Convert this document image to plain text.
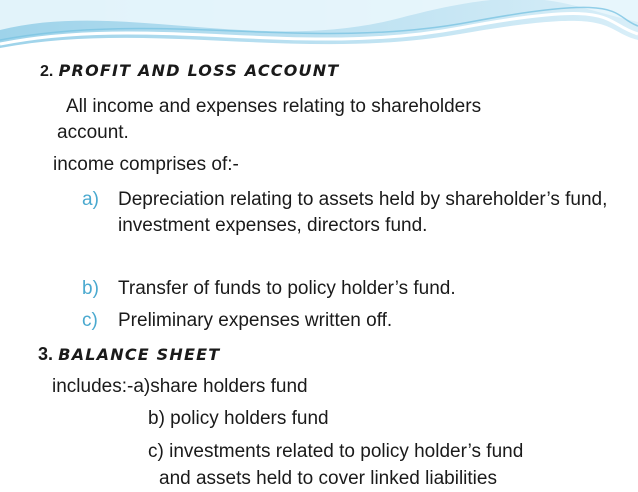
2. PROFIT AND LOSS ACCOUNT
All income and expenses relating to shareholders account.
income comprises of:-
a) Depreciation relating to assets held by shareholder’s fund, investment expenses, directors fund.
b) Transfer of funds to policy holder’s fund.
c) Preliminary expenses written off.
3. BALANCE SHEET
includes:-a)share holders fund
b) policy holders fund
c) investments related to policy holder’s fund
and assets held to cover linked liabilities
